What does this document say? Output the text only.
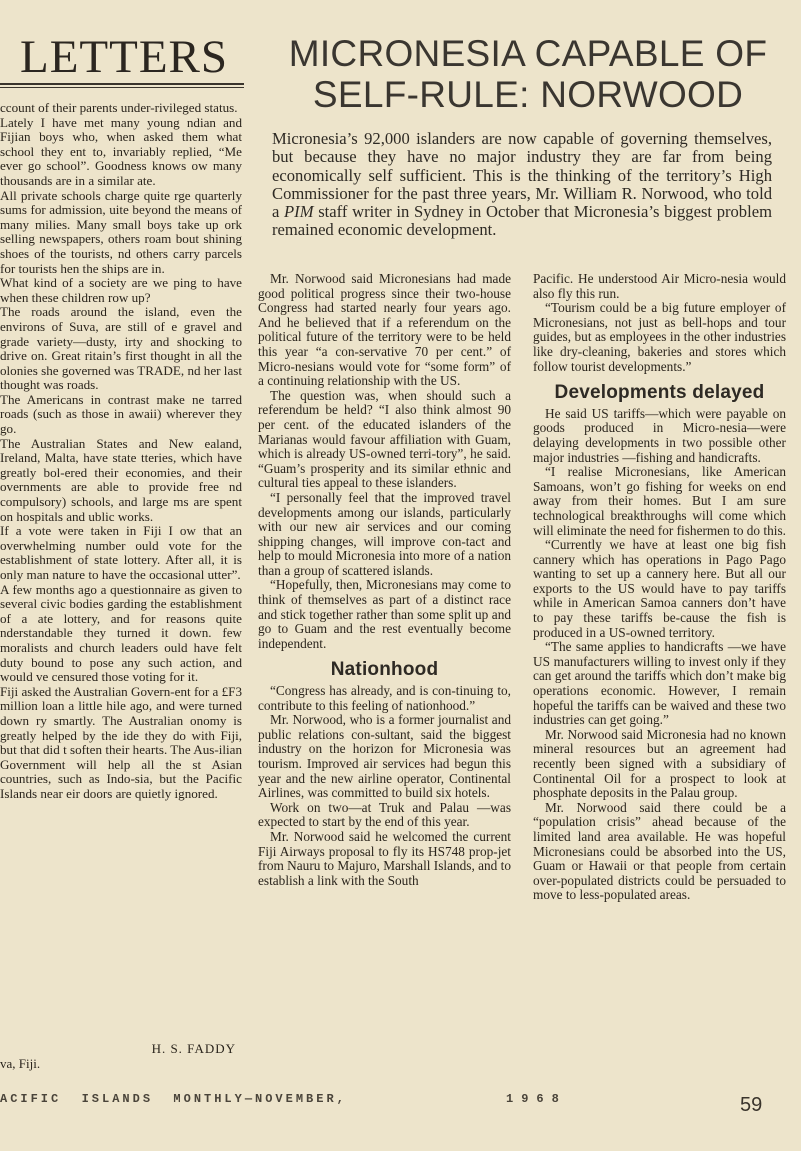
LETTERS

ccount of their parents under-rivileged status.

Lately I have met many young ndian and Fijian boys who, when asked them what school they ent to, invariably replied, “Me ever go school”. Goodness knows ow many thousands are in a similar ate.

All private schools charge quite rge quarterly sums for admission, uite beyond the means of many milies. Many small boys take up ork selling newspapers, others roam bout shining shoes of the tourists, nd others carry parcels for tourists hen the ships are in.

What kind of a society are we ping to have when these children row up?

The roads around the island, even the environs of Suva, are still of e gravel and grade variety—dusty, irty and shocking to drive on. Great ritain’s first thought in all the olonies she governed was TRADE, nd her last thought was roads.

The Americans in contrast make ne tarred roads (such as those in awaii) wherever they go.

The Australian States and New ealand, Ireland, Malta, have state tteries, which have greatly bol-ered their economies, and their overnments are able to provide free nd compulsory) schools, and large ms are spent on hospitals and ublic works.

If a vote were taken in Fiji I ow that an overwhelming number ould vote for the establishment of state lottery. After all, it is only man nature to have the occasional utter”.

A few months ago a questionnaire as given to several civic bodies garding the establishment of a ate lottery, and for reasons quite nderstandable they turned it down. few moralists and church leaders ould have felt duty bound to pose any such action, and would ve censured those voting for it.

Fiji asked the Australian Govern-ent for a £F3 million loan a little hile ago, and were turned down ry smartly. The Australian onomy is greatly helped by the ide they do with Fiji, but that did t soften their hearts. The Aus-ilian Government will help all the st Asian countries, such as Indo-sia, but the Pacific Islands near eir doors are quietly ignored.

H. S. FADDY
va, Fiji.
MICRONESIA CAPABLE OF
SELF-RULE: NORWOOD
Micronesia’s 92,000 islanders are now capable of governing themselves, but because they have no major industry they are far from being economically self sufficient. This is the thinking of the territory’s High Commissioner for the past three years, Mr. William R. Norwood, who told a PIM staff writer in Sydney in October that Micronesia’s biggest problem remained economic development.

Mr. Norwood said Micronesians had made good political progress since their two-house Congress had started nearly four years ago. And he believed that if a referendum on the political future of the territory were to be held this year “a con-servative 70 per cent.” of Micro-nesians would vote for “some form” of a continuing relationship with the US.

The question was, when should such a referendum be held? “I also think almost 90 per cent. of the educated islanders of the Marianas would favour affiliation with Guam, which is already US-owned terri-tory”, he said. “Guam’s prosperity and its similar ethnic and cultural ties appeal to these islanders.

“I personally feel that the improved travel developments among our islands, particularly with our new air services and our coming shipping changes, will improve con-tact and help to mould Micronesia into more of a nation than a group of scattered islands.

“Hopefully, then, Micronesians may come to think of themselves as part of a distinct race and stick together rather than some split up and go to Guam and the rest eventually become independent.

Nationhood

“Congress has already, and is con-tinuing to, contribute to this feeling of nationhood.”

Mr. Norwood, who is a former journalist and public relations con-sultant, said the biggest industry on the horizon for Micronesia was tourism. Improved air services had begun this year and the new airline operator, Continental Airlines, was committed to build six hotels.

Work on two—at Truk and Palau —was expected to start by the end of this year.

Mr. Norwood said he welcomed the current Fiji Airways proposal to fly its HS748 prop-jet from Nauru to Majuro, Marshall Islands, and to establish a link with the South

Pacific. He understood Air Micro-nesia would also fly this run.

“Tourism could be a big future employer of Micronesians, not just as bell-hops and tour guides, but as employees in the other industries like dry-cleaning, bakeries and stores which follow tourist developments.”

Developments delayed

He said US tariffs—which were payable on goods produced in Micro-nesia—were delaying developments in two possible other major industries —fishing and handicrafts.

“I realise Micronesians, like American Samoans, won’t go fishing for weeks on end away from their homes. But I am sure technological breakthroughs will come which will eliminate the need for fishermen to do this.

“Currently we have at least one big fish cannery which has operations in Pago Pago wanting to set up a cannery here. But all our exports to the US would have to pay tariffs while in American Samoa canners don’t have to pay these tariffs be-cause the fish is produced in a US-owned territory.

“The same applies to handicrafts —we have US manufacturers willing to invest only if they can get around the tariffs which don’t make big operations economic. However, I remain hopeful the tariffs can be waived and these two industries can get going.”

Mr. Norwood said Micronesia had no known mineral resources but an agreement had recently been signed with a subsidiary of Continental Oil for a prospect to look at phosphate deposits in the Palau group.

Mr. Norwood said there could be a “population crisis” ahead because of the limited land area available. He was hopeful Micronesians could be absorbed into the US, Guam or Hawaii or that people from certain over-populated districts could be persuaded to move to less-populated areas.

ACIFIC  ISLANDS  MONTHLY—NOVEMBER,	1968	59
